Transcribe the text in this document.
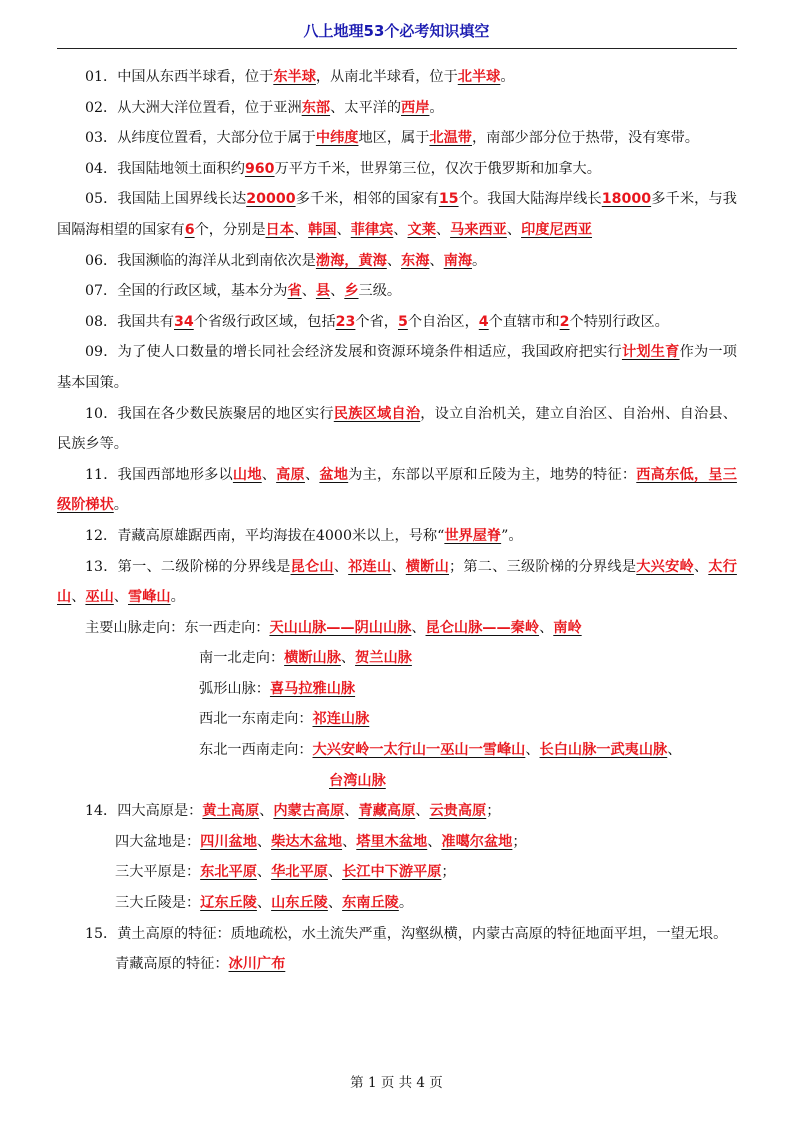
八上地理53个必考知识填空

01．中国从东西半球看，位于东半球，从南北半球看，位于北半球。

02．从大洲大洋位置看，位于亚洲东部、太平洋的西岸。

03．从纬度位置看，大部分位于属于中纬度地区，属于北温带，南部少部分位于热带，没有寒带。

04．我国陆地领土面积约960万平方千米，世界第三位，仅次于俄罗斯和加拿大。

05．我国陆上国界线长达20000多千米，相邻的国家有15个。我国大陆海岸线长18000多千米，与我国隔海相望的国家有6个，分别是日本、韩国、菲律宾、文莱、马来西亚、印度尼西亚

06．我国濒临的海洋从北到南依次是渤海，黄海、东海、南海。

07．全国的行政区域，基本分为省、县、乡三级。

08．我国共有34个省级行政区域，包括23个省，5个自治区，4个直辖市和2个特别行政区。

09．为了使人口数量的增长同社会经济发展和资源环境条件相适应，我国政府把实行计划生育作为一项基本国策。

10．我国在各少数民族聚居的地区实行民族区域自治，设立自治机关，建立自治区、自治州、自治县、民族乡等。

11．我国西部地形多以山地、高原、盆地为主，东部以平原和丘陵为主，地势的特征：西高东低，呈三级阶梯状。

12．青藏高原雄踞西南，平均海拔在4000米以上，号称“世界屋脊”。

13．第一、二级阶梯的分界线是昆仑山、祁连山、横断山；第二、三级阶梯的分界线是大兴安岭、太行山、巫山、雪峰山。

主要山脉走向：东一西走向：天山山脉——阴山山脉、昆仑山脉——秦岭、南岭

南一北走向：横断山脉、贺兰山脉

弧形山脉：喜马拉雅山脉

西北一东南走向：祁连山脉

东北一西南走向：大兴安岭一太行山一巫山一雪峰山、长白山脉一武夷山脉、

台湾山脉

14．四大高原是：黄土高原、内蒙古高原、青藏高原、云贵高原；

四大盆地是：四川盆地、柴达木盆地、塔里木盆地、准噶尔盆地；

三大平原是：东北平原、华北平原、长江中下游平原；

三大丘陵是：辽东丘陵、山东丘陵、东南丘陵。

15．黄土高原的特征：质地疏松，水土流失严重，沟壑纵横，内蒙古高原的特征地面平坦，一望无垠。

青藏高原的特征：冰川广布

第 1 页 共 4 页
